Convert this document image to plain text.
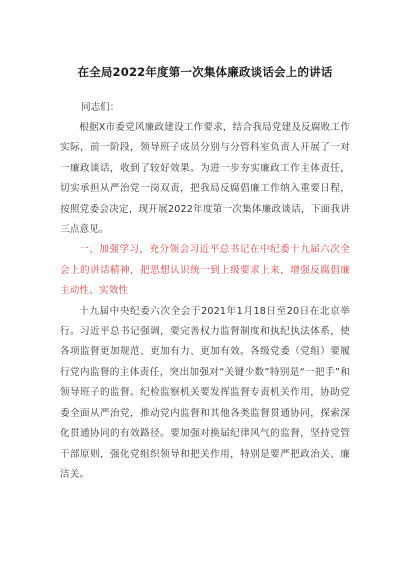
在全局2022年度第一次集体廉政谈话会上的讲话

同志们：

根据X市委党风廉政建设工作要求，结合我局党建及反腐败工作实际，前一阶段，领导班子成员分别与分管科室负责人开展了一对一廉政谈话，收到了较好效果。为进一步夯实廉政工作主体责任，切实承担从严治党一岗双责，把我局反腐倡廉工作纳入重要日程，按照党委会决定，现开展2022年度第一次集体廉政谈话，下面我讲三点意见。

一、加强学习，充分领会习近平总书记在中纪委十九届六次全会上的讲话精神，把思想认识统一到上级要求上来，增强反腐倡廉主动性、实效性

十九届中央纪委六次全会于2021年1月18日至20日在北京举行。习近平总书记强调，要完善权力监督制度和执纪执法体系，使各项监督更加规范、更加有力、更加有效。各级党委（党组）要履行党内监督的主体责任，突出加强对“关键少数”特别是“一把手”和领导班子的监督。纪检监察机关要发挥监督专责机关作用，协助党委全面从严治党，推动党内监督和其他各类监督贯通协同，探索深化贯通协同的有效路径。要加强对换届纪律风气的监督，坚持党管干部原则，强化党组织领导和把关作用，特别是要严把政治关、廉洁关。
